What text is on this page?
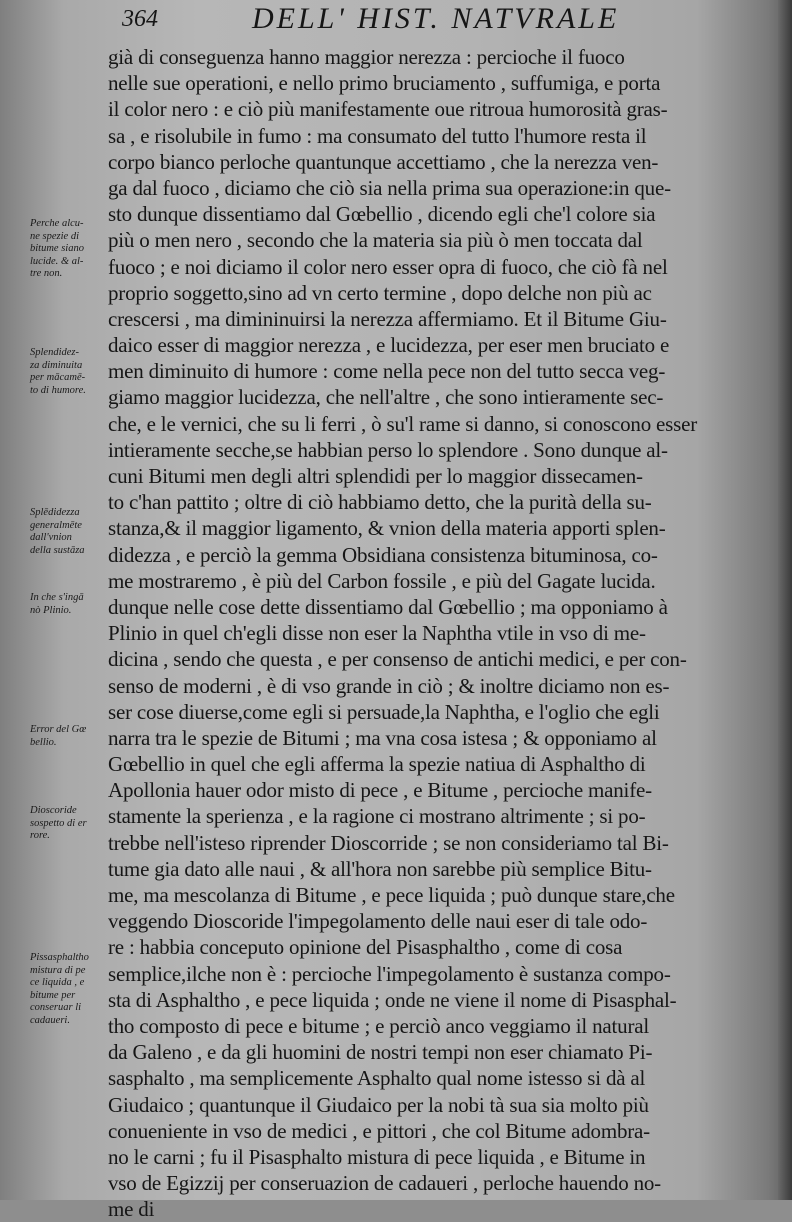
364	DELL' HIST. NATVRALE
già di conseguenza hanno maggior nerezza : percioche il fuoco
nelle sue operationi, e nello primo bruciamento , suffumiga, e porta
il color nero : e ciò più manifestamente oue ritroua humorosità gras-
sa , e risolubile in fumo : ma consumato del tutto l'humore resta il
corpo bianco perloche quantunque accettiamo , che la nerezza ven-
ga dal fuoco , diciamo che ciò sia nella prima sua operazione:in que-
sto dunque dissentiamo dal Gœbellio , dicendo egli che'l colore sia
più o men nero , secondo che la materia sia più ò men toccata dal
fuoco ; e noi diciamo il color nero esser opra di fuoco, che ciò fà nel
proprio soggetto,sino ad vn certo termine , dopo delche non più ac
crescersi , ma dimininuirsi la nerezza affermiamo. Et il Bitume Giu-
daico esser di maggior nerezza , e lucidezza, per eser men bruciato e
men diminuito di humore : come nella pece non del tutto secca veg-
giamo maggior lucidezza, che nell'altre , che sono intieramente sec-
che, e le vernici, che su li ferri , ò su'l rame si danno, si conoscono esser
intieramente secche,se habbian perso lo splendore . Sono dunque al-
cuni Bitumi men degli altri splendidi per lo maggior dissecamen-
to c'han pattito ; oltre di ciò habbiamo detto, che la purità della su-
stanza,& il maggior ligamento, & vnion della materia apporti splen-
didezza , e perciò la gemma Obsidiana consistenza bituminosa, co-
me mostraremo , è più del Carbon fossile , e più del Gagate lucida.
dunque nelle cose dette dissentiamo dal Gœbellio ; ma opponiamo à
Plinio in quel ch'egli disse non eser la Naphtha vtile in vso di me-
dicina , sendo che questa , e per consenso de antichi medici, e per con-
senso de moderni , è di vso grande in ciò ; & inoltre diciamo non es-
ser cose diuerse,come egli si persuade,la Naphtha, e l'oglio che egli
narra tra le spezie de Bitumi ; ma vna cosa istesa ; & opponiamo al
Gœbellio in quel che egli afferma la spezie natiua di Asphaltho di
Apollonia hauer odor misto di pece , e Bitume , percioche manife-
stamente la sperienza , e la ragione ci mostrano altrimente ; si po-
trebbe nell'isteso riprender Dioscorride ; se non consideriamo tal Bi-
tume gia dato alle naui , & all'hora non sarebbe più semplice Bitu-
me, ma mescolanza di Bitume , e pece liquida ; può dunque stare,che
veggendo Dioscoride l'impegolamento delle naui eser di tale odo-
re : habbia conceputo opinione del Pisasphaltho , come di cosa
semplice,ilche non è : percioche l'impegolamento è sustanza compo-
sta di Asphaltho , e pece liquida ; onde ne viene il nome di Pisasphal-
tho composto di pece e bitume ; e perciò anco veggiamo il natural
da Galeno , e da gli huomini de nostri tempi non eser chiamato Pi-
sasphalto , ma semplicemente Asphalto qual nome istesso si dà al
Giudaico ; quantunque il Giudaico per la nobi tà sua sia molto più
conueniente in vso de medici , e pittori , che col Bitume adombra-
no le carni ; fu il Pisasphalto mistura di pece liquida , e Bitume in
vso de Egizzij per conseruazion de cadaueri , perloche hauendo no-
me di
Perche alcu-
ne spezie di
bitume siano
lucide. & al-
tre non.
Splendidez-
za diminuita
per mācamē-
to di humore.
Splēdidezza
generalmēte
dall'vnion
della sustāza
In che s'ingā
nò Plinio.
Error del Gœ
bellio.
Dioscoride
sospetto di er
rore.
Pissasphaltho
mistura di pe
ce liquida , e
bitume per
conseruar li
cadaueri.
